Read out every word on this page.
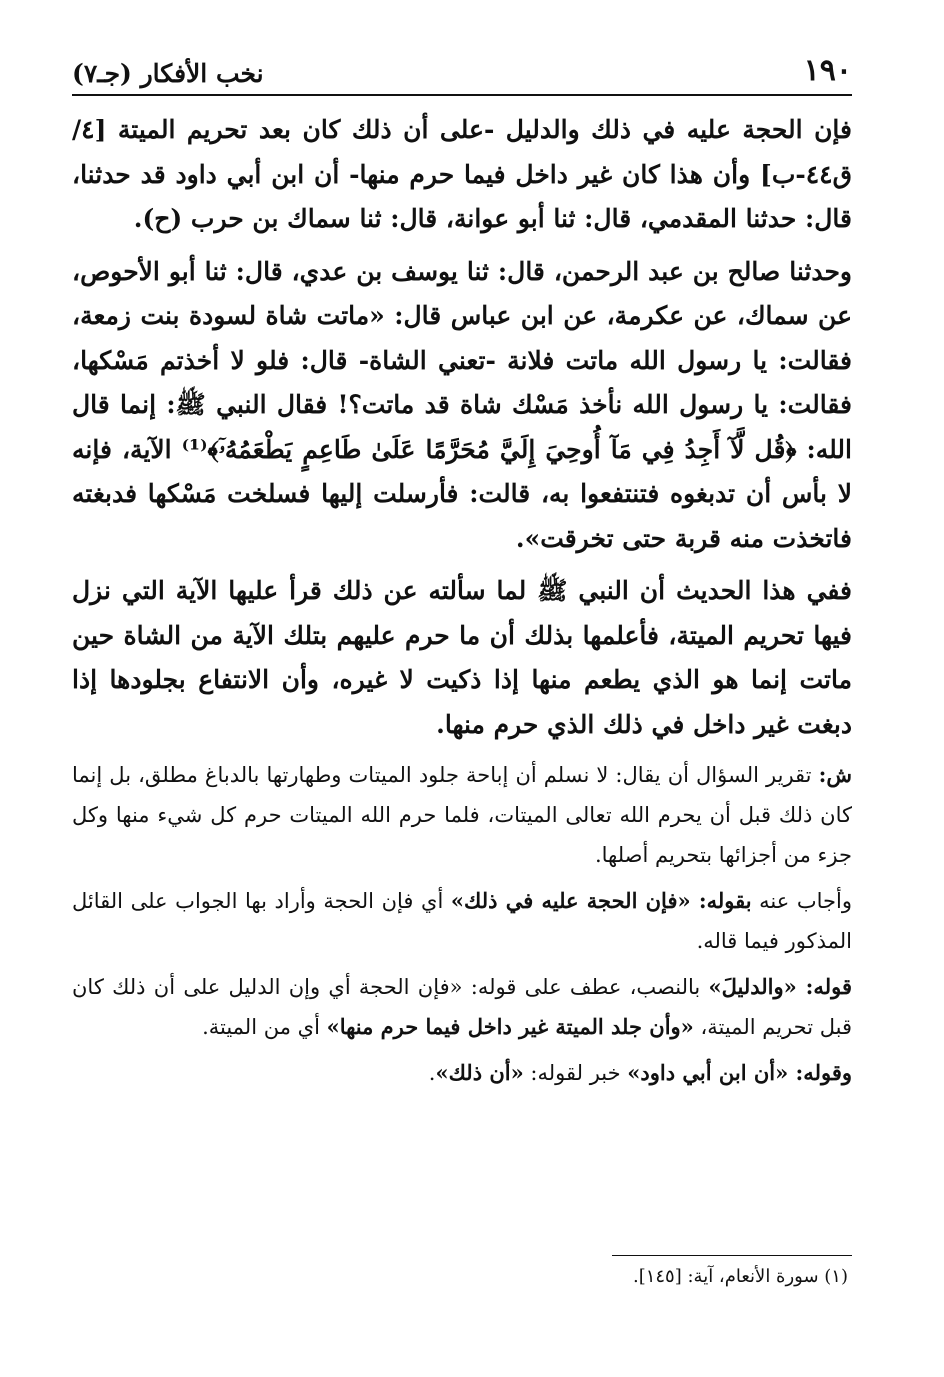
١٩٠
نخب الأفكار (جـ٧)

فإن الحجة عليه في ذلك والدليل -على أن ذلك كان بعد تحريم الميتة [٤/ ق٤٤-ب] وأن هذا كان غير داخل فيما حرم منها- أن ابن أبي داود قد حدثنا، قال: حدثنا المقدمي، قال: ثنا أبو عوانة، قال: ثنا سماك بن حرب (ح).

وحدثنا صالح بن عبد الرحمن، قال: ثنا يوسف بن عدي، قال: ثنا أبو الأحوص، عن سماك، عن عكرمة، عن ابن عباس قال: «ماتت شاة لسودة بنت زمعة، فقالت: يا رسول الله ماتت فلانة -تعني الشاة- قال: فلو لا أخذتم مَسْكها، فقالت: يا رسول الله نأخذ مَسْك شاة قد ماتت؟! فقال النبي ﷺ: إنما قال الله: ﴿قُل لَّآ أَجِدُ فِي مَآ أُوحِيَ إِلَيَّ مُحَرَّمًا عَلَىٰ طَاعِمٍ يَطْعَمُهُۥٓ﴾⁽¹⁾ الآية، فإنه لا بأس أن تدبغوه فتنتفعوا به، قالت: فأرسلت إليها فسلخت مَسْكها فدبغته فاتخذت منه قربة حتى تخرقت».

ففي هذا الحديث أن النبي ﷺ لما سألته عن ذلك قرأ عليها الآية التي نزل فيها تحريم الميتة، فأعلمها بذلك أن ما حرم عليهم بتلك الآية من الشاة حين ماتت إنما هو الذي يطعم منها إذا ذكيت لا غيره، وأن الانتفاع بجلودها إذا دبغت غير داخل في ذلك الذي حرم منها.

ش: تقرير السؤال أن يقال: لا نسلم أن إباحة جلود الميتات وطهارتها بالدباغ مطلق، بل إنما كان ذلك قبل أن يحرم الله تعالى الميتات، فلما حرم الله الميتات حرم كل شيء منها وكل جزء من أجزائها بتحريم أصلها.

وأجاب عنه بقوله: «فإن الحجة عليه في ذلك» أي فإن الحجة وأراد بها الجواب على القائل المذكور فيما قاله.

قوله: «والدليلَ» بالنصب، عطف على قوله: «فإن الحجة أي وإن الدليل على أن ذلك كان قبل تحريم الميتة، «وأن جلد الميتة غير داخل فيما حرم منها» أي من الميتة.

وقوله: «أن ابن أبي داود» خبر لقوله: «أن ذلك».

(١) سورة الأنعام، آية: [١٤٥].
